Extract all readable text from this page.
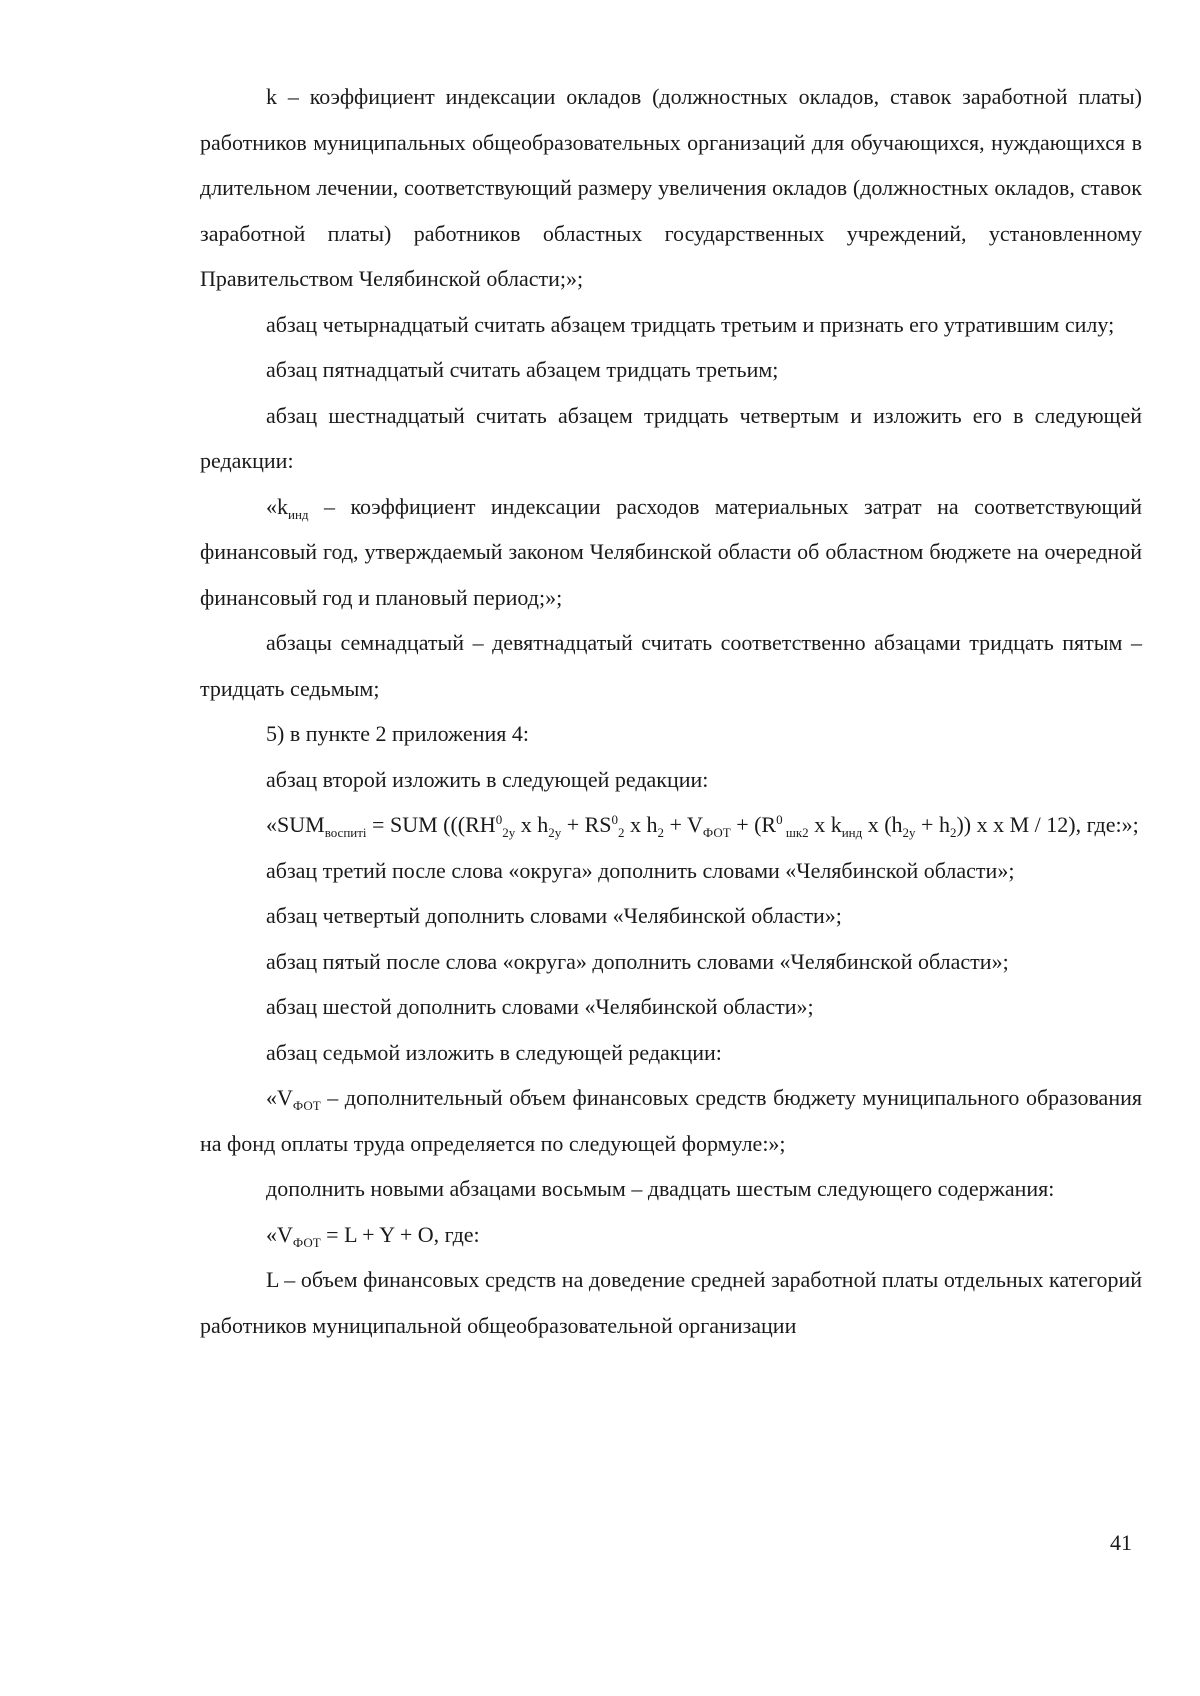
k – коэффициент индексации окладов (должностных окладов, ставок заработной платы) работников муниципальных общеобразовательных организаций для обучающихся, нуждающихся в длительном лечении, соответствующий размеру увеличения окладов (должностных окладов, ставок заработной платы) работников областных государственных учреждений, установленному Правительством Челябинской области;»;

абзац четырнадцатый считать абзацем тридцать третьим и признать его утратившим силу;

абзац пятнадцатый считать абзацем тридцать третьим;

абзац шестнадцатый считать абзацем тридцать четвертым и изложить его в следующей редакции:

«$k_{инд}$ – коэффициент индексации расходов материальных затрат на соответствующий финансовый год, утверждаемый законом Челябинской области об областном бюджете на очередной финансовый год и плановый период;»;

абзацы семнадцатый – девятнадцатый считать соответственно абзацами тридцать пятым – тридцать седьмым;

5) в пункте 2 приложения 4:

абзац второй изложить в следующей редакции:

«$SUM_{воспиті}$ = SUM ((($RH^0_{2y}$ x $h_{2y} + RS^0_2$ x $h_2 + V_{ФОТ} + (R^0$ $_{шк2}$ x $k_{инд}$ x $(h_{2y} + h_2)$) x x M / 12), где:»;

абзац третий после слова «округа» дополнить словами «Челябинской области»;

абзац четвертый дополнить словами «Челябинской области»;

абзац пятый после слова «округа» дополнить словами «Челябинской области»;

абзац шестой дополнить словами «Челябинской области»;

абзац седьмой изложить в следующей редакции:

«$V_{ФОТ}$ – дополнительный объем финансовых средств бюджету муниципального образования на фонд оплаты труда определяется по следующей формуле:»;

дополнить новыми абзацами восьмым – двадцать шестым следующего содержания:

«$V_{ФОТ} = L + Y + O$, где:

L – объем финансовых средств на доведение средней заработной платы отдельных категорий работников муниципальной общеобразовательной организации

41
